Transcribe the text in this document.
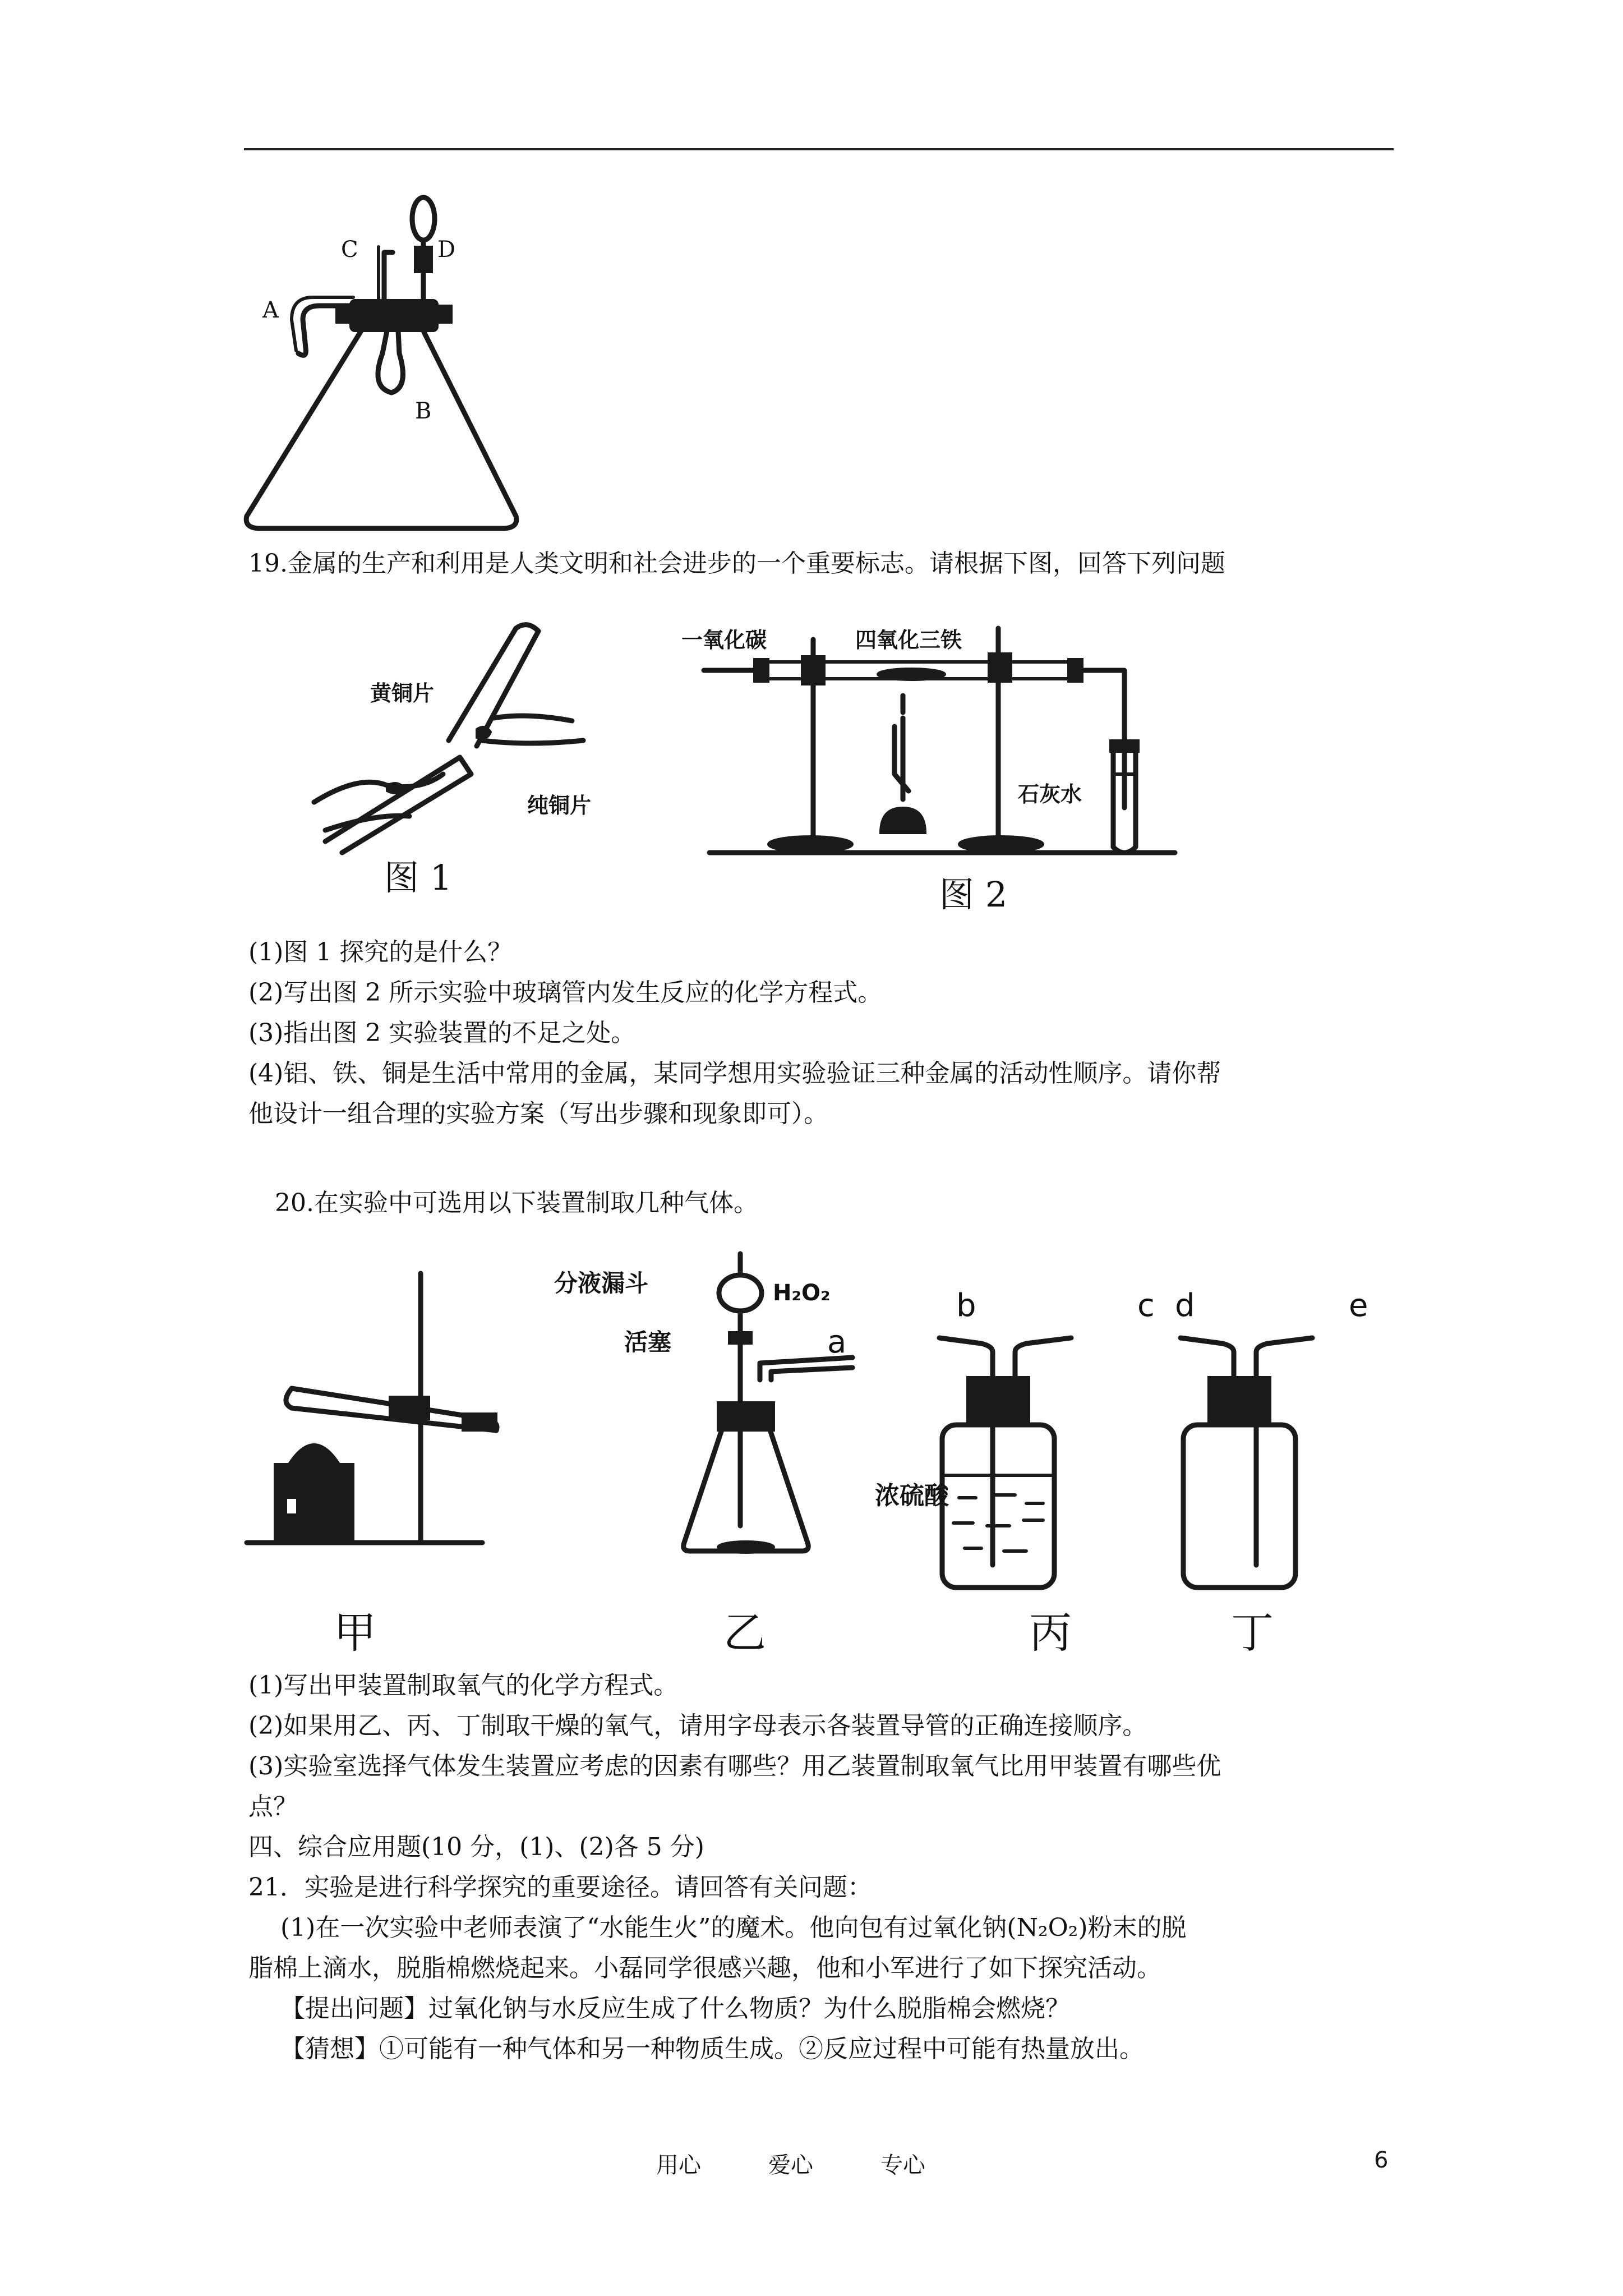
A
B
C	D
19.金属的生产和利用是人类文明和社会进步的一个重要标志。请根据下图，回答下列问题
黄铜片
纯铜片
图 1
一氧化碳	四氧化三铁
石灰水
图 2
(1)图 1 探究的是什么？
(2)写出图 2 所示实验中玻璃管内发生反应的化学方程式。
(3)指出图 2 实验装置的不足之处。
(4)铝、铁、铜是生活中常用的金属，某同学想用实验验证三种金属的活动性顺序。请你帮
他设计一组合理的实验方案（写出步骤和现象即可）。
20.在实验中可选用以下装置制取几种气体。
分液漏斗	H₂O₂
活塞	a
b	c d	e
浓硫酸
甲	乙	丙	丁
(1)写出甲装置制取氧气的化学方程式。
(2)如果用乙、丙、丁制取干燥的氧气，请用字母表示各装置导管的正确连接顺序。
(3)实验室选择气体发生装置应考虑的因素有哪些？用乙装置制取氧气比用甲装置有哪些优
点？
四、综合应用题(10 分，(1)、(2)各 5 分)
21．实验是进行科学探究的重要途径。请回答有关问题：
(1)在一次实验中老师表演了“水能生火”的魔术。他向包有过氧化钠(N₂O₂)粉末的脱
脂棉上滴水，脱脂棉燃烧起来。小磊同学很感兴趣，他和小军进行了如下探究活动。
【提出问题】过氧化钠与水反应生成了什么物质？为什么脱脂棉会燃烧？
【猜想】①可能有一种气体和另一种物质生成。②反应过程中可能有热量放出。
用心	爱心	专心	6
